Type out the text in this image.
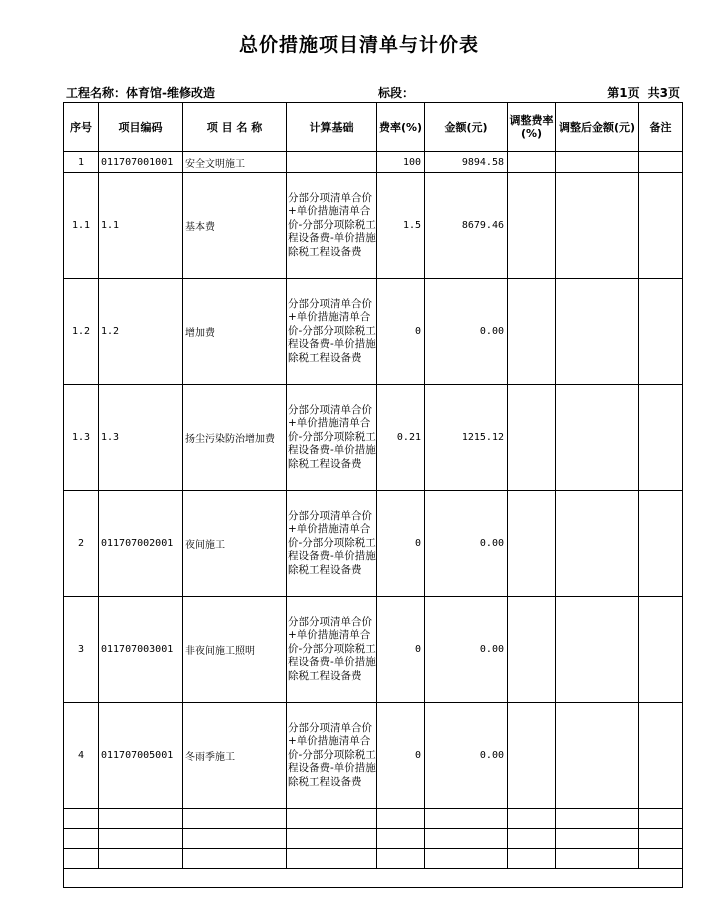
总价措施项目清单与计价表
工程名称：体育馆-维修改造	标段：	第1页 共3页
序号	项目编码	项 目 名 称	计算基础	费率(%)	金额(元)	调整费率(%)	调整后金额(元)	备注
1	011707001001	安全文明施工		100	9894.58			
1.1	1.1	基本费	分部分项清单合价+单价措施清单合价-分部分项除税工程设备费-单价措施除税工程设备费	1.5	8679.46			
1.2	1.2	增加费	分部分项清单合价+单价措施清单合价-分部分项除税工程设备费-单价措施除税工程设备费	0	0.00			
1.3	1.3	扬尘污染防治增加费	分部分项清单合价+单价措施清单合价-分部分项除税工程设备费-单价措施除税工程设备费	0.21	1215.12			
2	011707002001	夜间施工	分部分项清单合价+单价措施清单合价-分部分项除税工程设备费-单价措施除税工程设备费	0	0.00			
3	011707003001	非夜间施工照明	分部分项清单合价+单价措施清单合价-分部分项除税工程设备费-单价措施除税工程设备费	0	0.00			
4	011707005001	冬雨季施工	分部分项清单合价+单价措施清单合价-分部分项除税工程设备费-单价措施除税工程设备费	0	0.00			
